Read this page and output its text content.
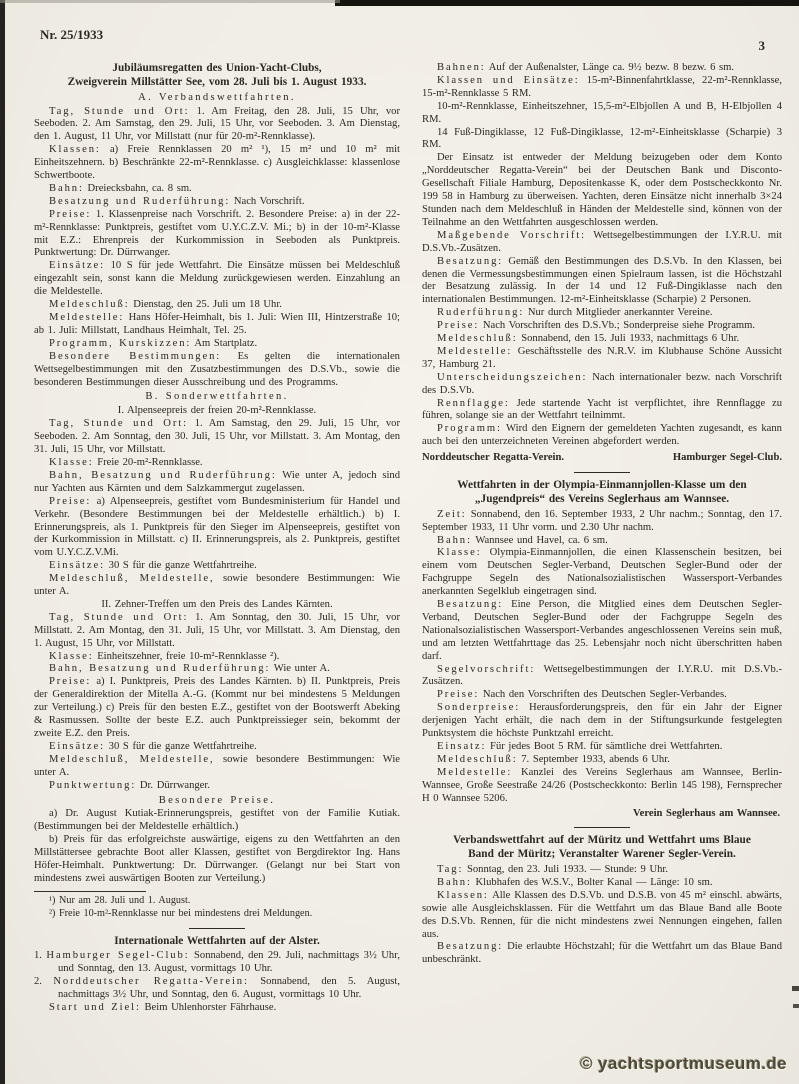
Nr. 25/1933
3

Jubiläumsregatten des Union-Yacht-Clubs,

Zweigverein Millstätter See, vom 28. Juli bis 1. August 1933.

A. Verbandswettfahrten.

Tag, Stunde und Ort: 1. Am Freitag, den 28. Juli, 15 Uhr, vor Seeboden. 2. Am Samstag, den 29. Juli, 15 Uhr, vor Seeboden. 3. Am Dienstag, den 1. August, 11 Uhr, vor Millstatt (nur für 20-m²-Rennklasse).

Klassen: a) Freie Rennklassen 20 m² ¹), 15 m² und 10 m² mit Einheitszehnern. b) Beschränkte 22-m²-Rennklasse. c) Ausgleichklasse: klassenlose Schwertboote.

Bahn: Dreiecksbahn, ca. 8 sm.

Besatzung und Ruderführung: Nach Vorschrift.

Preise: 1. Klassenpreise nach Vorschrift. 2. Besondere Preise: a) in der 22-m²-Rennklasse: Punktpreis, gestiftet vom U.Y.C.Z.V. Mi.; b) in der 10-m²-Klasse mit E.Z.: Ehrenpreis der Kurkommission in Seeboden als Punktpreis. Punktwertung: Dr. Dürrwanger.

Einsätze: 10 S für jede Wettfahrt. Die Einsätze müssen bei Meldeschluß eingezahlt sein, sonst kann die Meldung zurückgewiesen werden. Einzahlung an die Meldestelle.

Meldeschluß: Dienstag, den 25. Juli um 18 Uhr.

Meldestelle: Hans Höfer-Heimhalt, bis 1. Juli: Wien III, Hintzerstraße 10; ab 1. Juli: Millstatt, Landhaus Heimhalt, Tel. 25.

Programm, Kurskizzen: Am Startplatz.

Besondere Bestimmungen: Es gelten die internationalen Wettsegelbestimmungen mit den Zusatzbestimmungen des D.S.Vb., sowie die besonderen Bestimmungen dieser Ausschreibung und des Programms.

B. Sonderwettfahrten.

I. Alpenseepreis der freien 20-m²-Rennklasse.

Tag, Stunde und Ort: 1. Am Samstag, den 29. Juli, 15 Uhr, vor Seeboden. 2. Am Sonntag, den 30. Juli, 15 Uhr, vor Millstatt. 3. Am Montag, den 31. Juli, 15 Uhr, vor Millstatt.

Klasse: Freie 20-m²-Rennklasse.

Bahn, Besatzung und Ruderführung: Wie unter A, jedoch sind nur Yachten aus Kärnten und dem Salzkammergut zugelassen.

Preise: a) Alpenseepreis, gestiftet vom Bundesministerium für Handel und Verkehr. (Besondere Bestimmungen bei der Meldestelle erhältlich.) b) I. Erinnerungspreis, als 1. Punktpreis für den Sieger im Alpenseepreis, gestiftet von der Kurkommission in Millstatt. c) II. Erinnerungspreis, als 2. Punktpreis, gestiftet vom U.Y.C.Z.V.Mi.

Einsätze: 30 S für die ganze Wettfahrtreihe.

Meldeschluß, Meldestelle, sowie besondere Bestimmungen: Wie unter A.

II. Zehner-Treffen um den Preis des Landes Kärnten.

Tag, Stunde und Ort: 1. Am Sonntag, den 30. Juli, 15 Uhr, vor Millstatt. 2. Am Montag, den 31. Juli, 15 Uhr, vor Millstatt. 3. Am Dienstag, den 1. August, 15 Uhr, vor Millstatt.

Klasse: Einheitszehner, freie 10-m²-Rennklasse ²).

Bahn, Besatzung und Ruderführung: Wie unter A.

Preise: a) I. Punktpreis, Preis des Landes Kärnten. b) II. Punktpreis, Preis der Generaldirektion der Mitella A.-G. (Kommt nur bei mindestens 5 Meldungen zur Verteilung.) c) Preis für den besten E.Z., gestiftet von der Bootswerft Abeking & Rasmussen. Sollte der beste E.Z. auch Punktpreissieger sein, bekommt der zweite E.Z. den Preis.

Einsätze: 30 S für die ganze Wettfahrtreihe.

Meldeschluß, Meldestelle, sowie besondere Bestimmungen: Wie unter A.

Punktwertung: Dr. Dürrwanger.

Besondere Preise.

a) Dr. August Kutiak-Erinnerungspreis, gestiftet von der Familie Kutiak. (Bestimmungen bei der Meldestelle erhältlich.)

b) Preis für das erfolgreichste auswärtige, eigens zu den Wettfahrten an den Millstättersee gebrachte Boot aller Klassen, gestiftet von Bergdirektor Ing. Hans Höfer-Heimhalt. Punktwertung: Dr. Dürrwanger. (Gelangt nur bei Start von mindestens zwei auswärtigen Booten zur Verteilung.)

¹) Nur am 28. Juli und 1. August.

²) Freie 10-m²-Rennklasse nur bei mindestens drei Meldungen.

Internationale Wettfahrten auf der Alster.

1. Hamburger Segel-Club: Sonnabend, den 29. Juli, nachmittags 3½ Uhr, und Sonntag, den 13. August, vormittags 10 Uhr.

2. Norddeutscher Regatta-Verein: Sonnabend, den 5. August, nachmittags 3½ Uhr, und Sonntag, den 6. August, vormittags 10 Uhr.

Start und Ziel: Beim Uhlenhorster Fährhause.

Bahnen: Auf der Außenalster, Länge ca. 9½ bezw. 8 bezw. 6 sm.

Klassen und Einsätze: 15-m²-Binnenfahrtklasse, 22-m²-Rennklasse, 15-m²-Rennklasse 5 RM.

10-m²-Rennklasse, Einheitszehner, 15,5-m²-Elbjollen A und B, H-Elbjollen 4 RM.

14 Fuß-Dingiklasse, 12 Fuß-Dingiklasse, 12-m²-Einheitsklasse (Scharpie) 3 RM.

Der Einsatz ist entweder der Meldung beizugeben oder dem Konto „Norddeutscher Regatta-Verein“ bei der Deutschen Bank und Disconto-Gesellschaft Filiale Hamburg, Depositenkasse K, oder dem Postscheckkonto Nr. 199 58 in Hamburg zu überweisen. Yachten, deren Einsätze nicht innerhalb 3×24 Stunden nach dem Meldeschluß in Händen der Meldestelle sind, können von der Teilnahme an den Wettfahrten ausgeschlossen werden.

Maßgebende Vorschrift: Wettsegelbestimmungen der I.Y.R.U. mit D.S.Vb.-Zusätzen.

Besatzung: Gemäß den Bestimmungen des D.S.Vb. In den Klassen, bei denen die Vermessungsbestimmungen einen Spielraum lassen, ist die Höchstzahl der Besatzung zulässig. In der 14 und 12 Fuß-Dingiklasse nach den internationalen Bestimmungen. 12-m²-Einheitsklasse (Scharpie) 2 Personen.

Ruderführung: Nur durch Mitglieder anerkannter Vereine.

Preise: Nach Vorschriften des D.S.Vb.; Sonderpreise siehe Programm.

Meldeschluß: Sonnabend, den 15. Juli 1933, nachmittags 6 Uhr.

Meldestelle: Geschäftsstelle des N.R.V. im Klubhause Schöne Aussicht 37, Hamburg 21.

Unterscheidungszeichen: Nach internationaler bezw. nach Vorschrift des D.S.Vb.

Rennflagge: Jede startende Yacht ist verpflichtet, ihre Rennflagge zu führen, solange sie an der Wettfahrt teilnimmt.

Programm: Wird den Eignern der gemeldeten Yachten zugesandt, es kann auch bei den unterzeichneten Vereinen abgefordert werden.

Norddeutscher Regatta-Verein.	Hamburger Segel-Club.

Wettfahrten in der Olympia-Einmannjollen-Klasse um den

„Jugendpreis“ des Vereins Seglerhaus am Wannsee.

Zeit: Sonnabend, den 16. September 1933, 2 Uhr nachm.; Sonntag, den 17. September 1933, 11 Uhr vorm. und 2.30 Uhr nachm.

Bahn: Wannsee und Havel, ca. 6 sm.

Klasse: Olympia-Einmannjollen, die einen Klassenschein besitzen, bei einem vom Deutschen Segler-Verband, Deutschen Segler-Bund oder der Fachgruppe Segeln des Nationalsozialistischen Wassersport-Verbandes anerkannten Segelklub eingetragen sind.

Besatzung: Eine Person, die Mitglied eines dem Deutschen Segler-Verband, Deutschen Segler-Bund oder der Fachgruppe Segeln des Nationalsozialistischen Wassersport-Verbandes angeschlossenen Vereins sein muß, und am letzten Wettfahrttage das 25. Lebensjahr noch nicht überschritten haben darf.

Segelvorschrift: Wettsegelbestimmungen der I.Y.R.U. mit D.S.Vb.-Zusätzen.

Preise: Nach den Vorschriften des Deutschen Segler-Verbandes.

Sonderpreise: Herausforderungspreis, den für ein Jahr der Eigner derjenigen Yacht erhält, die nach dem in der Stiftungsurkunde festgelegten Punktsystem die höchste Punktzahl erreicht.

Einsatz: Für jedes Boot 5 RM. für sämtliche drei Wettfahrten.

Meldeschluß: 7. September 1933, abends 6 Uhr.

Meldestelle: Kanzlei des Vereins Seglerhaus am Wannsee, Berlin-Wannsee, Große Seestraße 24/26 (Postscheckkonto: Berlin 145 198), Fernsprecher H 0 Wannsee 5206.

Verein Seglerhaus am Wannsee.

Verbandswettfahrt auf der Müritz und Wettfahrt ums Blaue

Band der Müritz; Veranstalter Warener Segler-Verein.

Tag: Sonntag, den 23. Juli 1933. — Stunde: 9 Uhr.

Bahn: Klubhafen des W.S.V., Bolter Kanal — Länge: 10 sm.

Klassen: Alle Klassen des D.S.Vb. und D.S.B. von 45 m² einschl. abwärts, sowie alle Ausgleichsklassen. Für die Wettfahrt um das Blaue Band alle Boote des D.S.Vb. Rennen, für die nicht mindestens zwei Nennungen eingehen, fallen aus.

Besatzung: Die erlaubte Höchstzahl; für die Wettfahrt um das Blaue Band unbeschränkt.

© yachtsportmuseum.de
